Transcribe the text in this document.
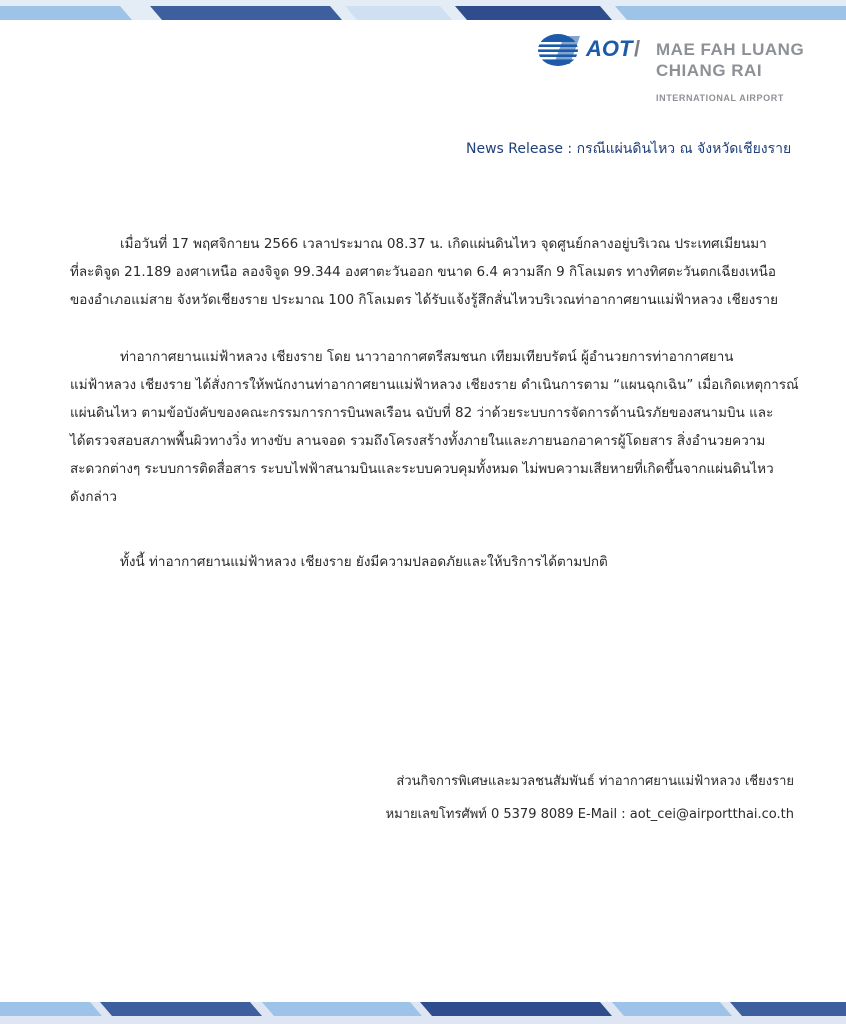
AOT / MAE FAH LUANG
CHIANG RAI
INTERNATIONAL AIRPORT
News Release : กรณีแผ่นดินไหว ณ จังหวัดเชียงราย
เมื่อวันที่ 17 พฤศจิกายน 2566 เวลาประมาณ 08.37 น. เกิดแผ่นดินไหว จุดศูนย์กลางอยู่บริเวณ ประเทศเมียนมา
ที่ละติจูด 21.189 องศาเหนือ ลองจิจูด 99.344 องศาตะวันออก ขนาด 6.4 ความลึก 9 กิโลเมตร ทางทิศตะวันตกเฉียงเหนือ
ของอำเภอแม่สาย จังหวัดเชียงราย ประมาณ 100 กิโลเมตร ได้รับแจ้งรู้สึกสั่นไหวบริเวณท่าอากาศยานแม่ฟ้าหลวง เชียงราย
ท่าอากาศยานแม่ฟ้าหลวง เชียงราย โดย นาวาอากาศตรีสมชนก เทียมเทียบรัตน์ ผู้อำนวยการท่าอากาศยาน
แม่ฟ้าหลวง เชียงราย ได้สั่งการให้พนักงานท่าอากาศยานแม่ฟ้าหลวง เชียงราย ดำเนินการตาม “แผนฉุกเฉิน” เมื่อเกิดเหตุการณ์
แผ่นดินไหว ตามข้อบังคับของคณะกรรมการการบินพลเรือน ฉบับที่ 82 ว่าด้วยระบบการจัดการด้านนิรภัยของสนามบิน และ
ได้ตรวจสอบสภาพพื้นผิวทางวิ่ง ทางขับ ลานจอด รวมถึงโครงสร้างทั้งภายในและภายนอกอาคารผู้โดยสาร สิ่งอำนวยความ
สะดวกต่างๆ ระบบการติดสื่อสาร ระบบไฟฟ้าสนามบินและระบบควบคุมทั้งหมด ไม่พบความเสียหายที่เกิดขึ้นจากแผ่นดินไหว
ดังกล่าว
ทั้งนี้ ท่าอากาศยานแม่ฟ้าหลวง เชียงราย ยังมีความปลอดภัยและให้บริการได้ตามปกติ
ส่วนกิจการพิเศษและมวลชนสัมพันธ์ ท่าอากาศยานแม่ฟ้าหลวง เชียงราย
หมายเลขโทรศัพท์ 0 5379 8089 E-Mail : aot_cei@airportthai.co.th
